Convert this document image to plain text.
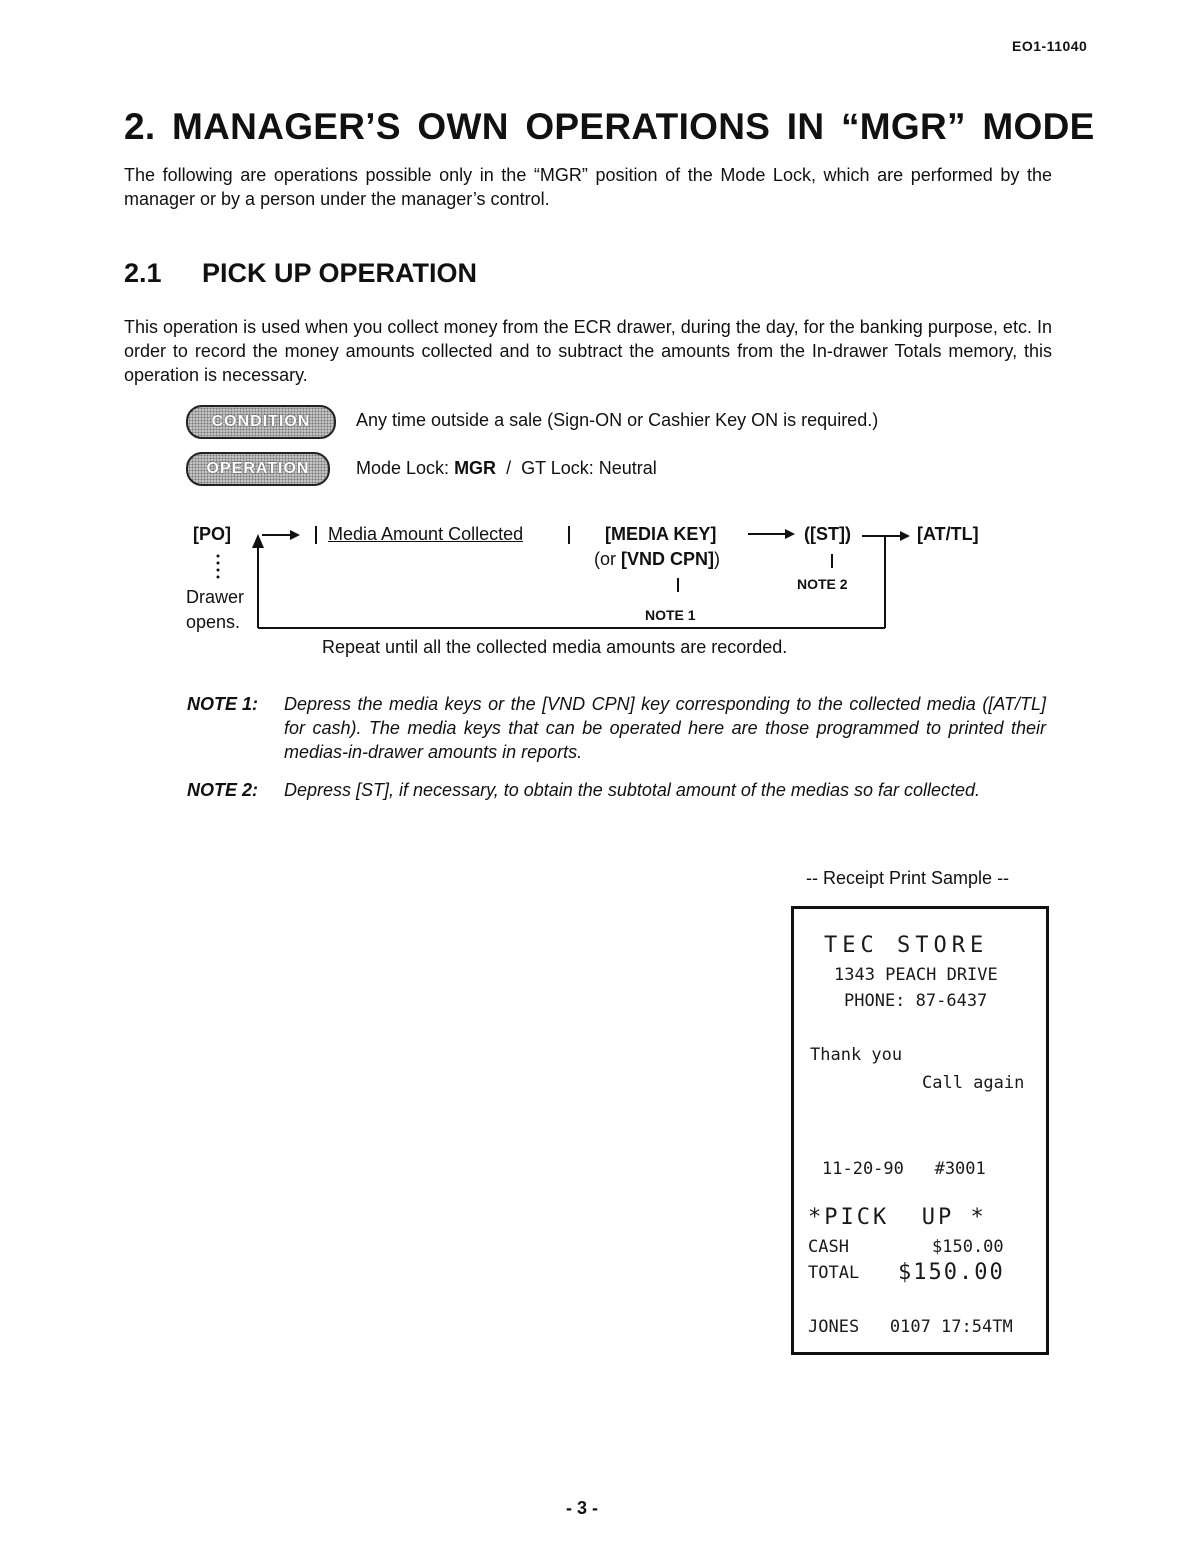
EO1-11040
2. MANAGER’S OWN OPERATIONS IN “MGR” MODE
The following are operations possible only in the “MGR” position of the Mode Lock, which are performed by the manager or by a person under the manager’s control.
2.1 PICK UP OPERATION
This operation is used when you collect money from the ECR drawer, during the day, for the banking purpose, etc. In order to record the money amounts collected and to subtract the amounts from the In-drawer Totals memory, this operation is necessary.
CONDITION	Any time outside a sale (Sign-ON or Cashier Key ON is required.)
OPERATION	Mode Lock: MGR  /  GT Lock: Neutral
[PO]	Media Amount Collected	[MEDIA KEY]
(or [VND CPN])
([ST])	[AT/TL]
NOTE 2
NOTE 1
Drawer
opens.
Repeat until all the collected media amounts are recorded.
NOTE 1: Depress the media keys or the [VND CPN] key corresponding to the collected media ([AT/TL] for cash). The media keys that can be operated here are those programmed to printed their medias-in-drawer amounts in reports.
NOTE 2: Depress [ST], if necessary, to obtain the subtotal amount of the medias so far collected.
-- Receipt Print Sample --
TEC STORE
1343 PEACH DRIVE
PHONE: 87-6437
Thank you
Call again
11-20-90   #3001
*PICK  UP *
CASH	$150.00
TOTAL $150.00
JONES   0107 17:54TM
- 3 -
